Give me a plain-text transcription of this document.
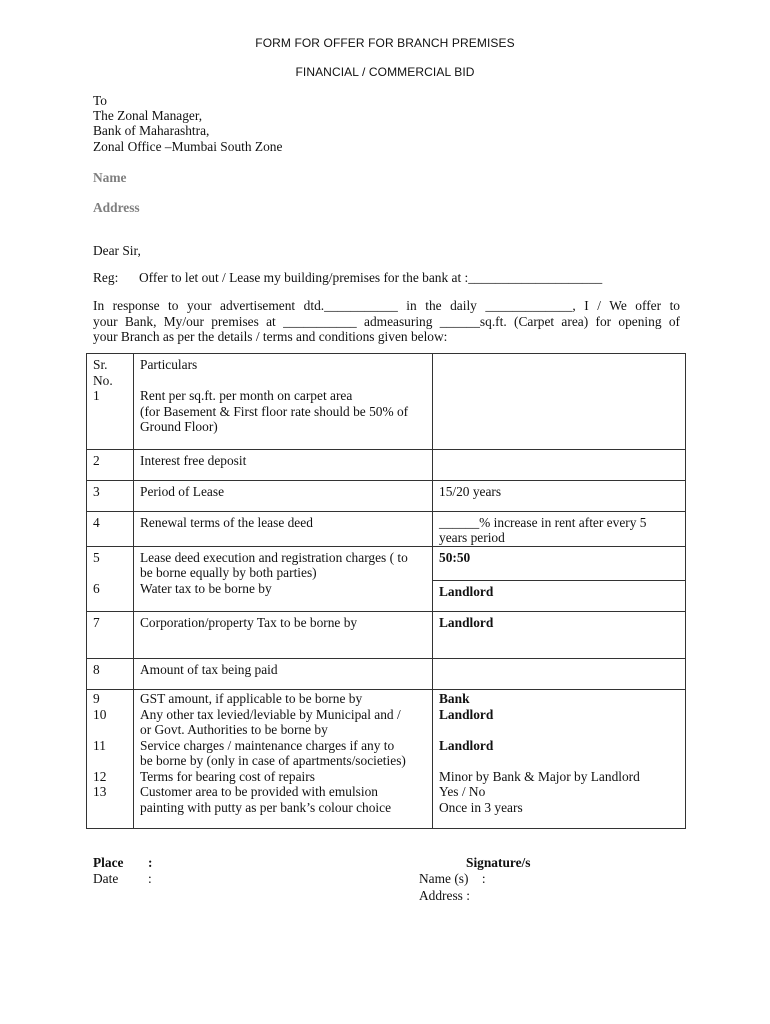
FORM FOR OFFER FOR BRANCH PREMISES
FINANCIAL / COMMERCIAL BID
To
The Zonal Manager,
Bank of Maharashtra,
Zonal Office –Mumbai South Zone
Name
Address
Dear Sir,
Reg: Offer to let out / Lease my building/premises for the bank at :____________________
In response to your advertisement dtd.___________ in the daily _____________, I / We offer to
your Bank, My/our premises at ___________ admeasuring ______sq.ft. (Carpet area) for opening of
your Branch as per the details / terms and conditions given below:
Sr.
No.	Particulars	
1	Rent per sq.ft. per month on carpet area
(for Basement & First floor rate should be 50% of
Ground Floor)	
2	Interest free deposit	
3	Period of Lease	15/20 years
4	Renewal terms of the lease deed	______% increase in rent after every 5
years period
5	Lease deed execution and registration charges ( to
be borne equally by both parties)	50:50
6	Water tax to be borne by	Landlord
7	Corporation/property Tax to be borne by	Landlord
8	Amount of tax being paid	
9	GST amount, if applicable to be borne by	Bank
10	Any other tax levied/leviable by Municipal and /
or Govt. Authorities to be borne by	Landlord
11	Service charges / maintenance charges if any to
be borne by (only in case of apartments/societies)	Landlord
12	Terms for bearing cost of repairs	Minor by Bank & Major by Landlord
13	Customer area to be provided with emulsion
painting with putty as per bank’s colour choice	Yes / No
Once in 3 years
Place :
Date :
Signature/s
Name (s)    :
Address :
